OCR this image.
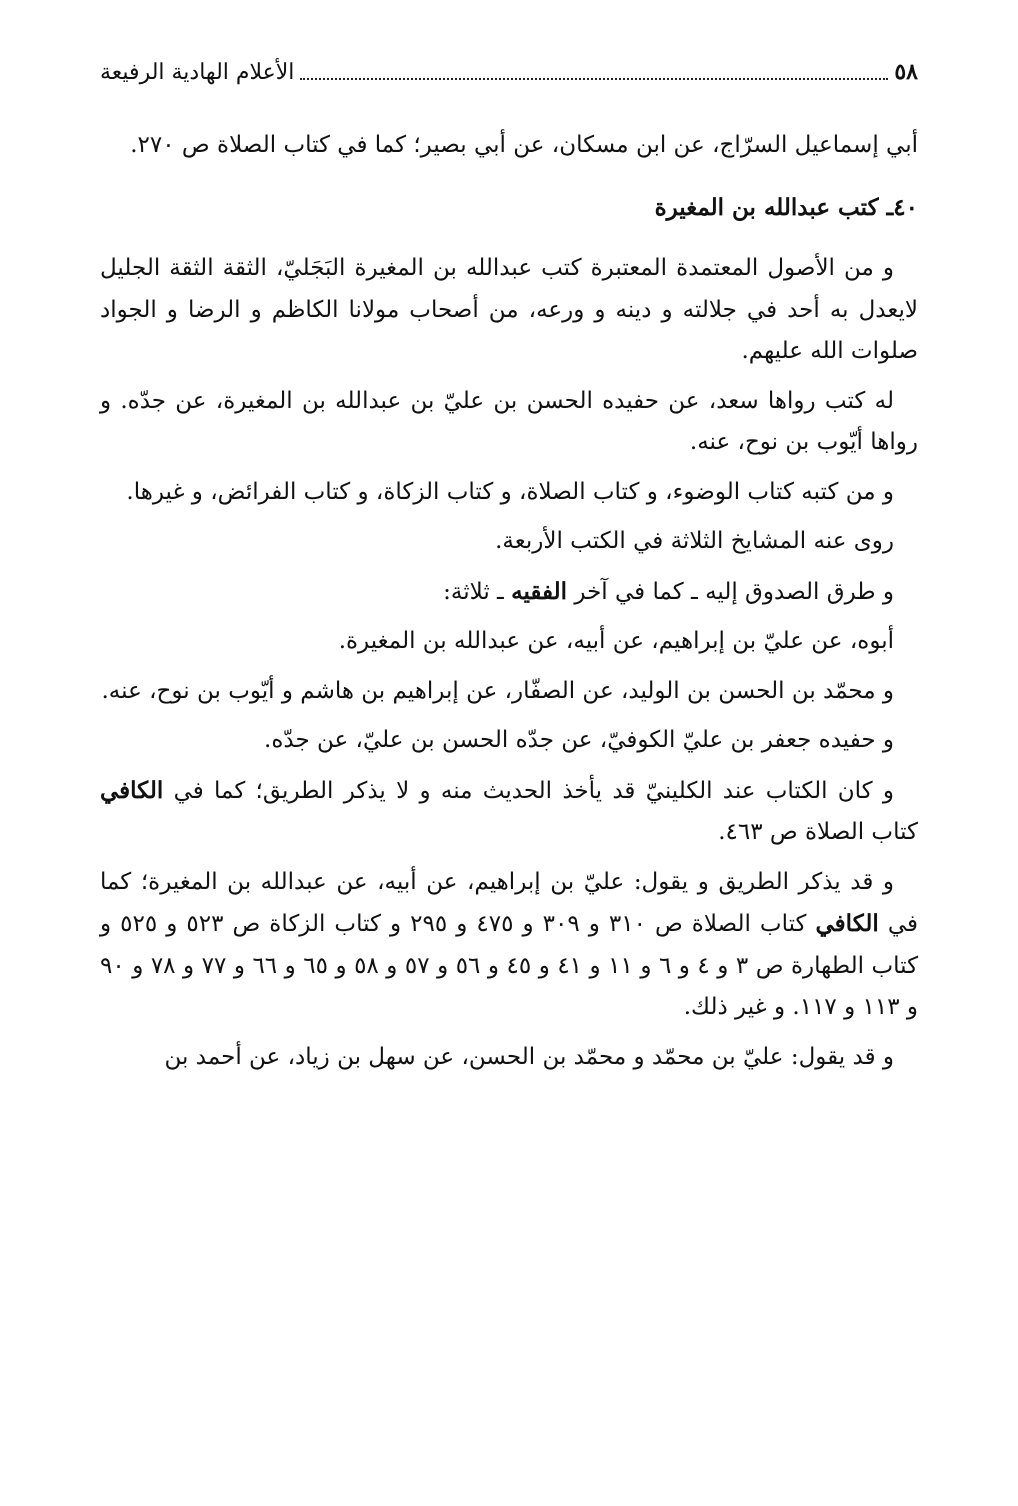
٥٨
الأعلام الهادية الرفيعة

أبي إسماعيل السرّاج، عن ابن مسكان، عن أبي بصير؛ كما في كتاب الصلاة ص ٢٧٠.

٤٠ـ كتب عبدالله بن المغيرة

و من الأصول المعتمدة المعتبرة كتب عبدالله بن المغيرة البَجَلي‌ّ، الثقة الثقة الجليل لايعدل به أحد في جلالته و دينه و ورعه، من أصحاب مولانا الكاظم و الرضا و الجواد صلوات الله عليهم.

له كتب رواها سعد، عن حفيده الحسن بن علي‌ّ بن عبدالله بن المغيرة، عن جدّه. و رواها أيّوب بن نوح، عنه.

و من كتبه كتاب الوضوء، و كتاب الصلاة، و كتاب الزكاة، و كتاب الفرائض، و غيرها.

روى عنه المشايخ الثلاثة في الكتب الأربعة.

و طرق الصدوق إليه ـ كما في آخر الفقيه ـ ثلاثة:

أبوه، عن علي‌ّ بن إبراهيم، عن أبيه، عن عبدالله بن المغيرة.

و محمّد بن الحسن بن الوليد، عن الصفّار، عن إبراهيم بن هاشم و أيّوب بن نوح، عنه.

و حفيده جعفر بن علي‌ّ الكوفي‌ّ، عن جدّه الحسن بن علي‌ّ، عن جدّه.

و كان الكتاب عند الكليني‌ّ قد يأخذ الحديث منه و لا يذكر الطريق؛ كما في الكافي كتاب الصلاة ص ٤٦٣.

و قد يذكر الطريق و يقول: علي‌ّ بن إبراهيم، عن أبيه، عن عبدالله بن المغيرة؛ كما في الكافي كتاب الصلاة ص ٣١٠ و ٣٠٩ و ٤٧٥ و ٢٩٥ و كتاب الزكاة ص ٥٢٣ و ٥٢٥ و كتاب الطهارة ص ٣ و ٤ و ٦ و ١١ و ٤١ و ٤٥ و ٥٦ و ٥٧ و ٥٨ و ٦٥ و ٦٦ و ٧٧ و ٧٨ و ٩٠ و ١١٣ و ١١٧. و غير ذلك.

و قد يقول: علي‌ّ بن محمّد و محمّد بن الحسن، عن سهل بن زياد، عن أحمد بن
